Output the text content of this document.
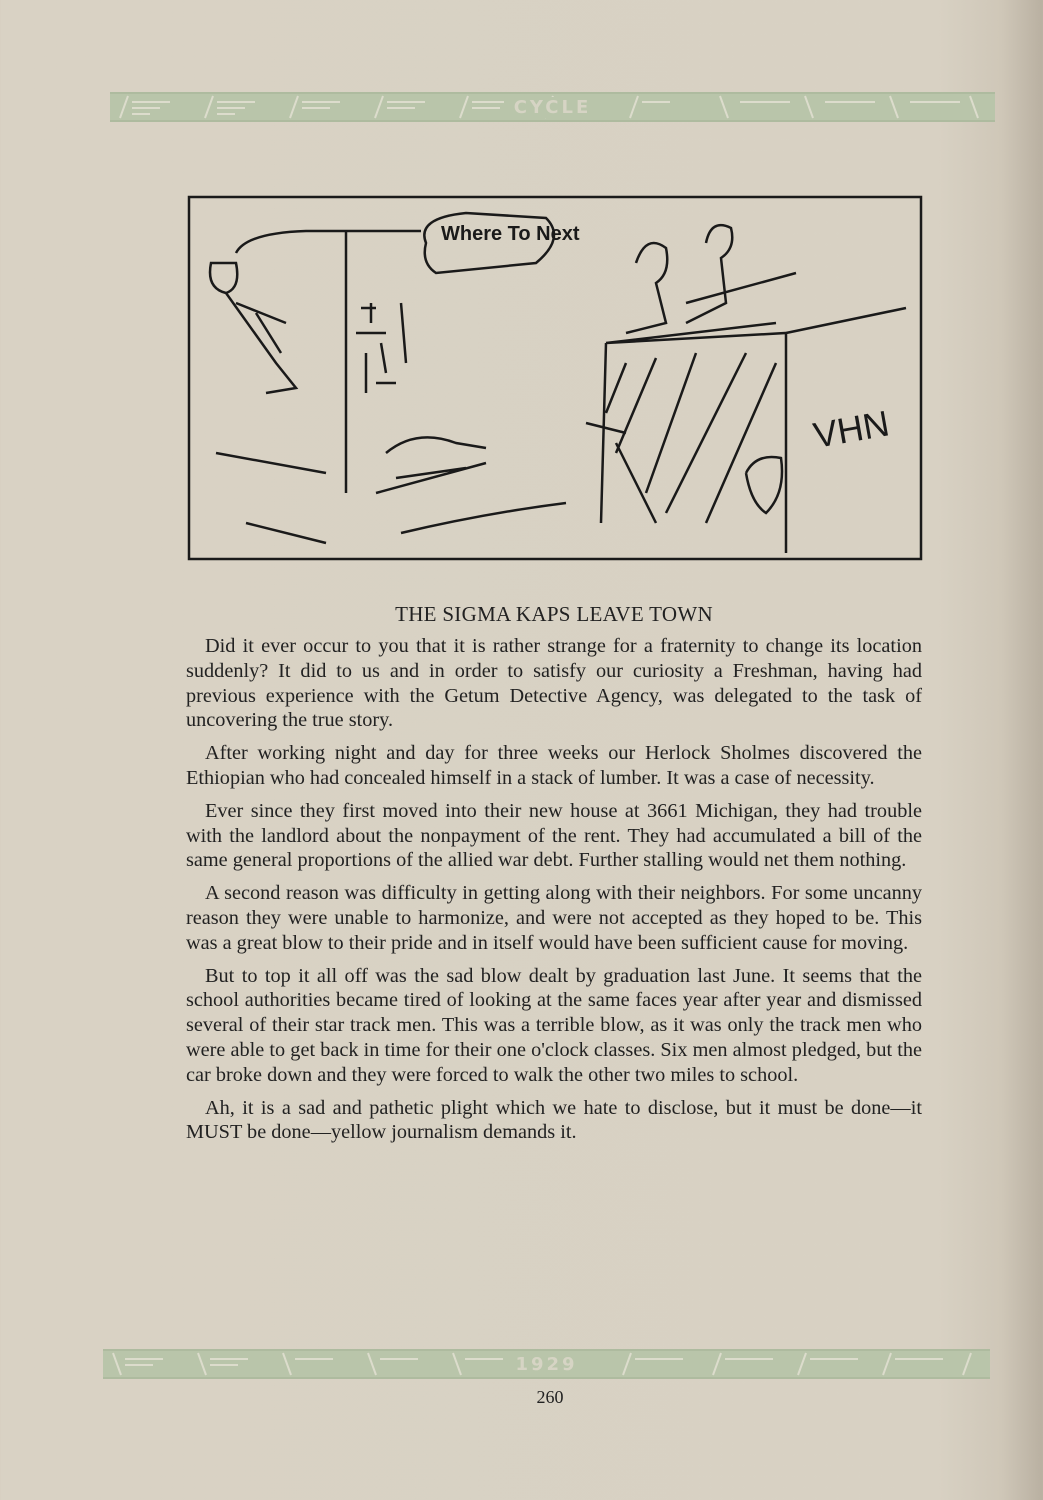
CYCLE
Where To Next
VHN
THE SIGMA KAPS LEAVE TOWN

Did it ever occur to you that it is rather strange for a fraternity to change its location suddenly? It did to us and in order to satisfy our curiosity a Freshman, having had previous experience with the Getum Detective Agency, was delegated to the task of uncovering the true story.

After working night and day for three weeks our Herlock Sholmes discovered the Ethiopian who had concealed himself in a stack of lumber. It was a case of necessity.

Ever since they first moved into their new house at 3661 Michigan, they had trouble with the landlord about the nonpayment of the rent. They had accumulated a bill of the same general proportions of the allied war debt. Further stalling would net them nothing.

A second reason was difficulty in getting along with their neighbors. For some uncanny reason they were unable to harmonize, and were not accepted as they hoped to be. This was a great blow to their pride and in itself would have been sufficient cause for moving.

But to top it all off was the sad blow dealt by graduation last June. It seems that the school authorities became tired of looking at the same faces year after year and dismissed several of their star track men. This was a terrible blow, as it was only the track men who were able to get back in time for their one o'clock classes. Six men almost pledged, but the car broke down and they were forced to walk the other two miles to school.

Ah, it is a sad and pathetic plight which we hate to disclose, but it must be done—it MUST be done—yellow journalism demands it.

1929
260
